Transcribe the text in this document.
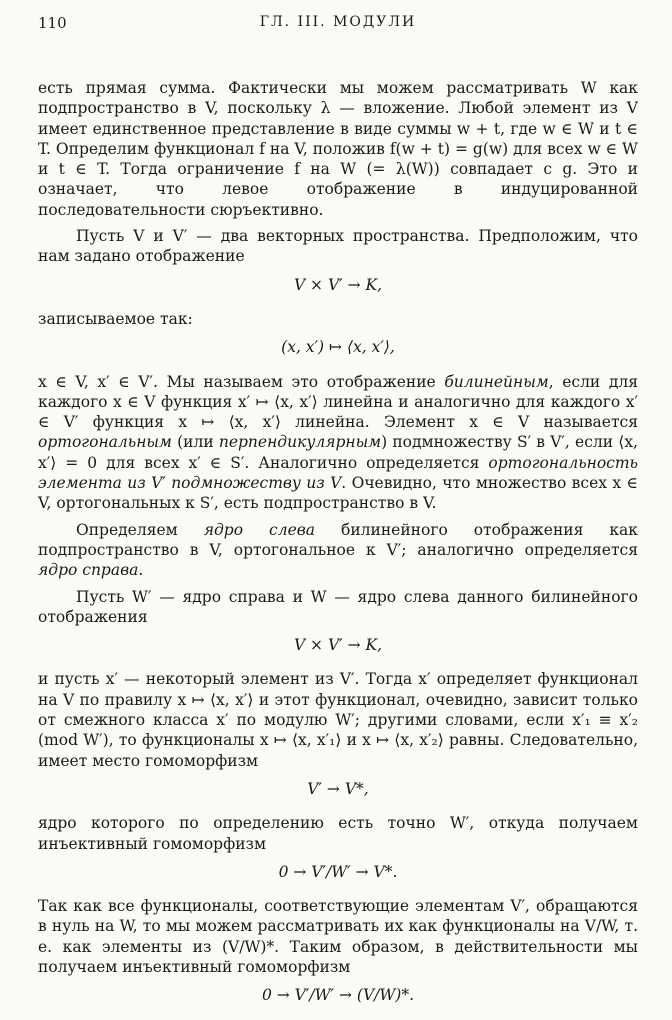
110	ГЛ. III. МОДУЛИ

есть прямая сумма. Фактически мы можем рассматривать W как подпространство в V, поскольку λ — вложение. Любой элемент из V имеет единственное представление в виде суммы w + t, где w ∈ W и t ∈ T. Определим функционал f на V, положив f(w + t) = g(w) для всех w ∈ W и t ∈ T. Тогда ограничение f на W (= λ(W)) совпадает с g. Это и означает, что левое отображение в индуцированной последовательности сюръективно.

Пусть V и V′ — два векторных пространства. Предположим, что нам задано отображение

V × V′ → K,

записываемое так:

(x, x′) ↦ ⟨x, x′⟩,

x ∈ V, x′ ∈ V′. Мы называем это отображение билинейным, если для каждого x ∈ V функция x′ ↦ ⟨x, x′⟩ линейна и аналогично для каждого x′ ∈ V′ функция x ↦ ⟨x, x′⟩ линейна. Элемент x ∈ V называется ортогональным (или перпендикулярным) подмножеству S′ в V′, если ⟨x, x′⟩ = 0 для всех x′ ∈ S′. Аналогично определяется ортогональность элемента из V′ подмножеству из V. Очевидно, что множество всех x ∈ V, ортогональных к S′, есть подпространство в V.

Определяем ядро слева билинейного отображения как подпространство в V, ортогональное к V′; аналогично определяется ядро справа.

Пусть W′ — ядро справа и W — ядро слева данного билинейного отображения

V × V′ → K,

и пусть x′ — некоторый элемент из V′. Тогда x′ определяет функционал на V по правилу x ↦ ⟨x, x′⟩ и этот функционал, очевидно, зависит только от смежного класса x′ по модулю W′; другими словами, если x′₁ ≡ x′₂ (mod W′), то функционалы x ↦ ⟨x, x′₁⟩ и x ↦ ⟨x, x′₂⟩ равны. Следовательно, имеет место гомоморфизм

V′ → V*,

ядро которого по определению есть точно W′, откуда получаем инъективный гомоморфизм

0 → V′/W′ → V*.

Так как все функционалы, соответствующие элементам V′, обращаются в нуль на W, то мы можем рассматривать их как функционалы на V/W, т. е. как элементы из (V/W)*. Таким образом, в действительности мы получаем инъективный гомоморфизм

0 → V′/W′ → (V/W)*.
